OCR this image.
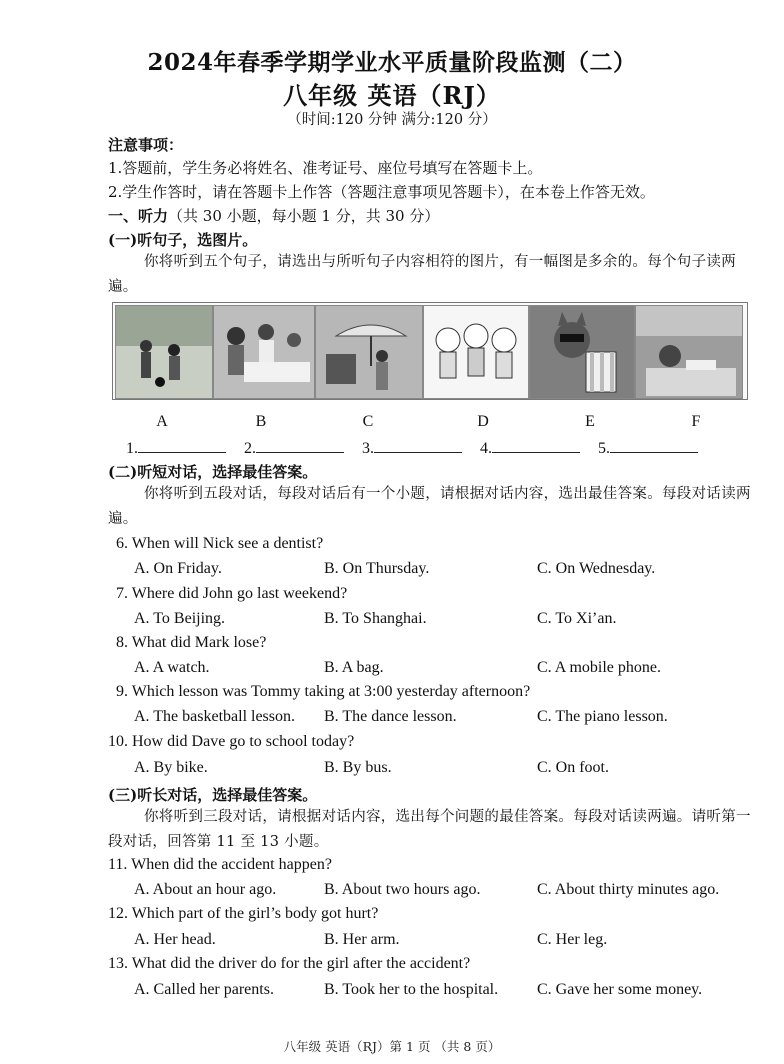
2024年春季学期学业水平质量阶段监测（二）
八年级 英语（RJ）
（时间:120 分钟 满分:120 分）
注意事项：
1.答题前，学生务必将姓名、准考证号、座位号填写在答题卡上。
2.学生作答时，请在答题卡上作答（答题注意事项见答题卡），在本卷上作答无效。
一、听力（共 30 小题，每小题 1 分，共 30 分）
(一)听句子，选图片。
你将听到五个句子，请选出与所听句子内容相符的图片，有一幅图是多余的。每个句子读两遍。
A	B	C	D	E	F
1.	2.	3.	4.	5.
(二)听短对话，选择最佳答案。
你将听到五段对话，每段对话后有一个小题，请根据对话内容，选出最佳答案。每段对话读两遍。
6. When will Nick see a dentist?
A. On Friday.	B. On Thursday.	C. On Wednesday.
7. Where did John go last weekend?
A. To Beijing.	B. To Shanghai.	C. To Xi’an.
8. What did Mark lose?
A. A watch.	B. A bag.	C. A mobile phone.
9. Which lesson was Tommy taking at 3:00 yesterday afternoon?
A. The basketball lesson. B. The dance lesson.	C. The piano lesson.
10. How did Dave go to school today?
A. By bike.	B. By bus.	C. On foot.
(三)听长对话，选择最佳答案。
你将听到三段对话，请根据对话内容，选出每个问题的最佳答案。每段对话读两遍。请听第一段对话，回答第 11 至 13 小题。
11. When did the accident happen?
A. About an hour ago.	B. About two hours ago.	C. About thirty minutes ago.
12. Which part of the girl’s body got hurt?
A. Her head.	B. Her arm.	C. Her leg.
13. What did the driver do for the girl after the accident?
A. Called her parents.	B. Took her to the hospital. C. Gave her some money.
八年级 英语（RJ）第 1 页 （共 8 页）
